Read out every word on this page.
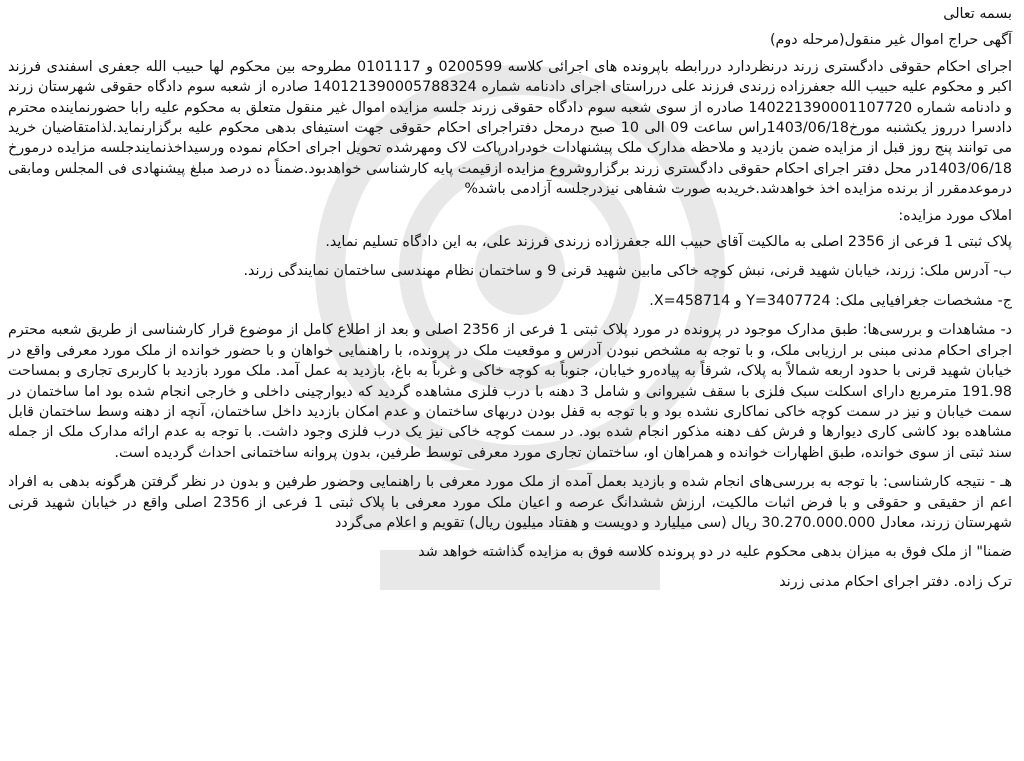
بسمه تعالی

آگهی حراج اموال غیر منقول(مرحله دوم)

اجرای احکام حقوقی دادگستری زرند درنظردارد دررابطه باپرونده های اجرائی کلاسه 0200599 و 0101117 مطروحه بین محکوم لها حبیب الله جعفری اسفندی فرزند اکبر و محکوم علیه حبیب الله جعفرزاده زرندی فرزند علی درراستای اجرای دادنامه شماره 140121390005788324 صادره از شعبه سوم دادگاه حقوقی شهرستان زرند و دادنامه شماره 140221390001107720 صادره از سوی شعبه سوم دادگاه حقوقی زرند جلسه مزایده اموال غیر منقول متعلق به محکوم علیه رابا حضورنماینده محترم دادسرا درروز یکشنبه مورخ1403/06/18راس ساعت 09 الی 10 صبح درمحل دفتراجرای احکام حقوقی جهت استیفای بدهی محکوم علیه برگزارنماید.لذامتقاضیان خرید می توانند پنج روز قبل از مزایده ضمن بازدید و ملاحظه مدارک ملک پیشنهادات خودرادرپاکت لاک ومهرشده تحویل اجرای احکام نموده ورسیداخذنمایندجلسه مزایده درمورخ 1403/06/18در محل دفتر اجرای احکام حقوقی دادگستری زرند برگزاروشروع مزایده ازقیمت پایه کارشناسی خواهدبود.ضمناً ده درصد مبلغ پیشنهادی فی المجلس ومابقی درموعدمقرر از برنده مزایده اخذ خواهدشد.خریدبه صورت شفاهی نیزدرجلسه آزادمی باشد%

املاک مورد مزایده:

پلاک ثبتی 1 فرعی از 2356 اصلی به مالکیت آقای حبیب الله جعفرزاده زرندی فرزند علی، به این دادگاه تسلیم نماید.

ب- آدرس ملک: زرند، خیابان شهید قرنی، نبش کوچه خاکی مابین شهید قرنی 9 و ساختمان نظام مهندسی ساختمان نمایندگی زرند.

ج- مشخصات جغرافیایی ملک: Y=3407724 و X=458714.

د- مشاهدات و بررسی‌ها: طبق مدارک موجود در پرونده در مورد پلاک ثبتی 1 فرعی از 2356 اصلی و بعد از اطلاع کامل از موضوع قرار کارشناسی از طریق شعبه محترم اجرای احکام مدنی مبنی بر ارزیابی ملک، و با توجه به مشخص نبودن آدرس و موقعیت ملک در پرونده، با راهنمایی خواهان و با حضور خوانده از ملک مورد معرفی واقع در خیابان شهید قرنی با حدود اربعه شمالاً به پلاک، شرقاً به پیاده‌رو خیابان، جنوباً به کوچه خاکی و غرباً به باغ، بازدید به عمل آمد. ملک مورد بازدید با کاربری تجاری و بمساحت 191.98 مترمربع دارای اسکلت سبک فلزی با سقف شیروانی و شامل 3 دهنه با درب فلزی مشاهده گردید که دیوارچینی داخلی و خارجی انجام شده بود اما ساختمان در سمت خیابان و نیز در سمت کوچه خاکی نماکاری نشده بود و با توجه به قفل بودن دربهای ساختمان و عدم امکان بازدید داخل ساختمان، آنچه از دهنه وسط ساختمان قابل مشاهده بود کاشی کاری دیوارها و فرش کف دهنه مذکور انجام شده بود. در سمت کوچه خاکی نیز یک درب فلزی وجود داشت. با توجه به عدم ارائه مدارک ملک از جمله سند ثبتی از سوی خوانده، طبق اظهارات خوانده و همراهان او، ساختمان تجاری مورد معرفی توسط طرفین، بدون پروانه ساختمانی احداث گردیده است.

هـ - نتیجه کارشناسی: با توجه به بررسی‌های انجام شده و بازدید بعمل آمده از ملک مورد معرفی با راهنمایی وحضور طرفین و بدون در نظر گرفتن هرگونه بدهی به افراد اعم از حقیقی و حقوقی و با فرض اثبات مالکیت، ارزش ششدانگ عرصه و اعیان ملک مورد معرفی با پلاک ثبتی 1 فرعی از 2356 اصلی واقع در خیابان شهید قرنی شهرستان زرند، معادل 30.270.000.000 ریال (سی میلیارد و دویست و هفتاد میلیون ریال) تقویم و اعلام می‌گردد

ضمنا" از ملک فوق به میزان بدهی محکوم علیه در دو پرونده کلاسه فوق به مزایده گذاشته خواهد شد

ترک زاده. دفتر اجرای احکام مدنی زرند
